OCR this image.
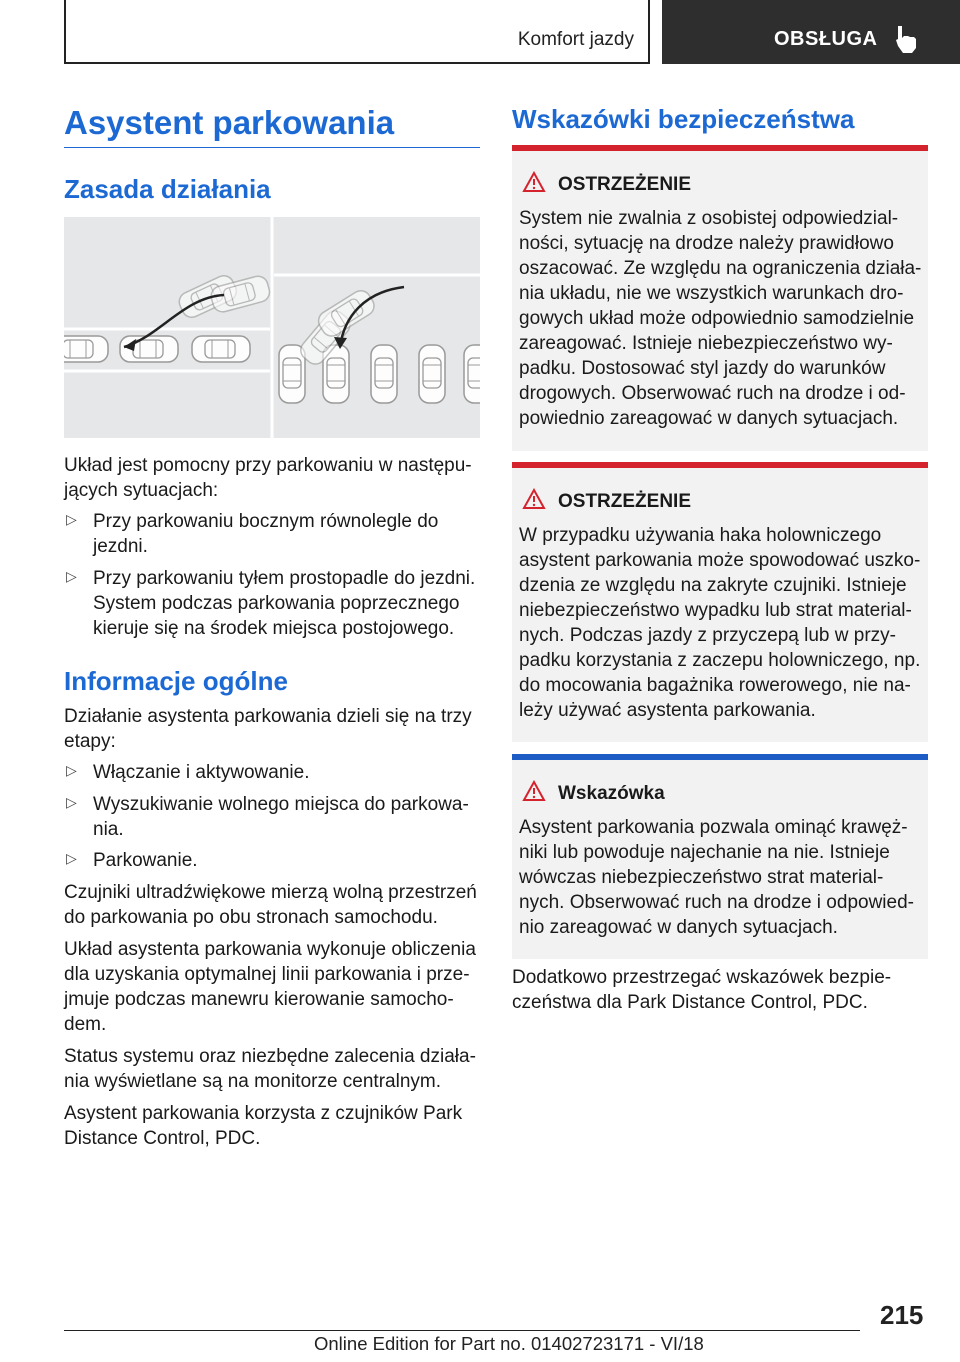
Komfort jazdy	OBSŁUGA
Asystent parkowania
Zasada działania
Układ jest pomocny przy parkowaniu w następu-
jących sytuacjach:
▷ Przy parkowaniu bocznym równolegle do
jezdni.
▷ Przy parkowaniu tyłem prostopadle do jezdni.
System podczas parkowania poprzecznego
kieruje się na środek miejsca postojowego.
Informacje ogólne
Działanie asystenta parkowania dzieli się na trzy
etapy:
▷ Włączanie i aktywowanie.
▷ Wyszukiwanie wolnego miejsca do parkowa-
nia.
▷ Parkowanie.
Czujniki ultradźwiękowe mierzą wolną przestrzeń
do parkowania po obu stronach samochodu.
Układ asystenta parkowania wykonuje obliczenia
dla uzyskania optymalnej linii parkowania i prze-
jmuje podczas manewru kierowanie samocho-
dem.
Status systemu oraz niezbędne zalecenia działa-
nia wyświetlane są na monitorze centralnym.
Asystent parkowania korzysta z czujników Park
Distance Control, PDC.
Wskazówki bezpieczeństwa
OSTRZEŻENIE
System nie zwalnia z osobistej odpowiedzial-
ności, sytuację na drodze należy prawidłowo
oszacować. Ze względu na ograniczenia działa-
nia układu, nie we wszystkich warunkach dro-
gowych układ może odpowiednio samodzielnie
zareagować. Istnieje niebezpieczeństwo wy-
padku. Dostosować styl jazdy do warunków
drogowych. Obserwować ruch na drodze i od-
powiednio zareagować w danych sytuacjach.
OSTRZEŻENIE
W przypadku używania haka holowniczego
asystent parkowania może spowodować uszko-
dzenia ze względu na zakryte czujniki. Istnieje
niebezpieczeństwo wypadku lub strat material-
nych. Podczas jazdy z przyczepą lub w przy-
padku korzystania z zaczepu holowniczego, np.
do mocowania bagażnika rowerowego, nie na-
leży używać asystenta parkowania.
Wskazówka
Asystent parkowania pozwala ominąć krawęż-
niki lub powoduje najechanie na nie. Istnieje
wówczas niebezpieczeństwo strat material-
nych. Obserwować ruch na drodze i odpowied-
nio zareagować w danych sytuacjach.
Dodatkowo przestrzegać wskazówek bezpie-
czeństwa dla Park Distance Control, PDC.
215
Online Edition for Part no. 01402723171 - VI/18
